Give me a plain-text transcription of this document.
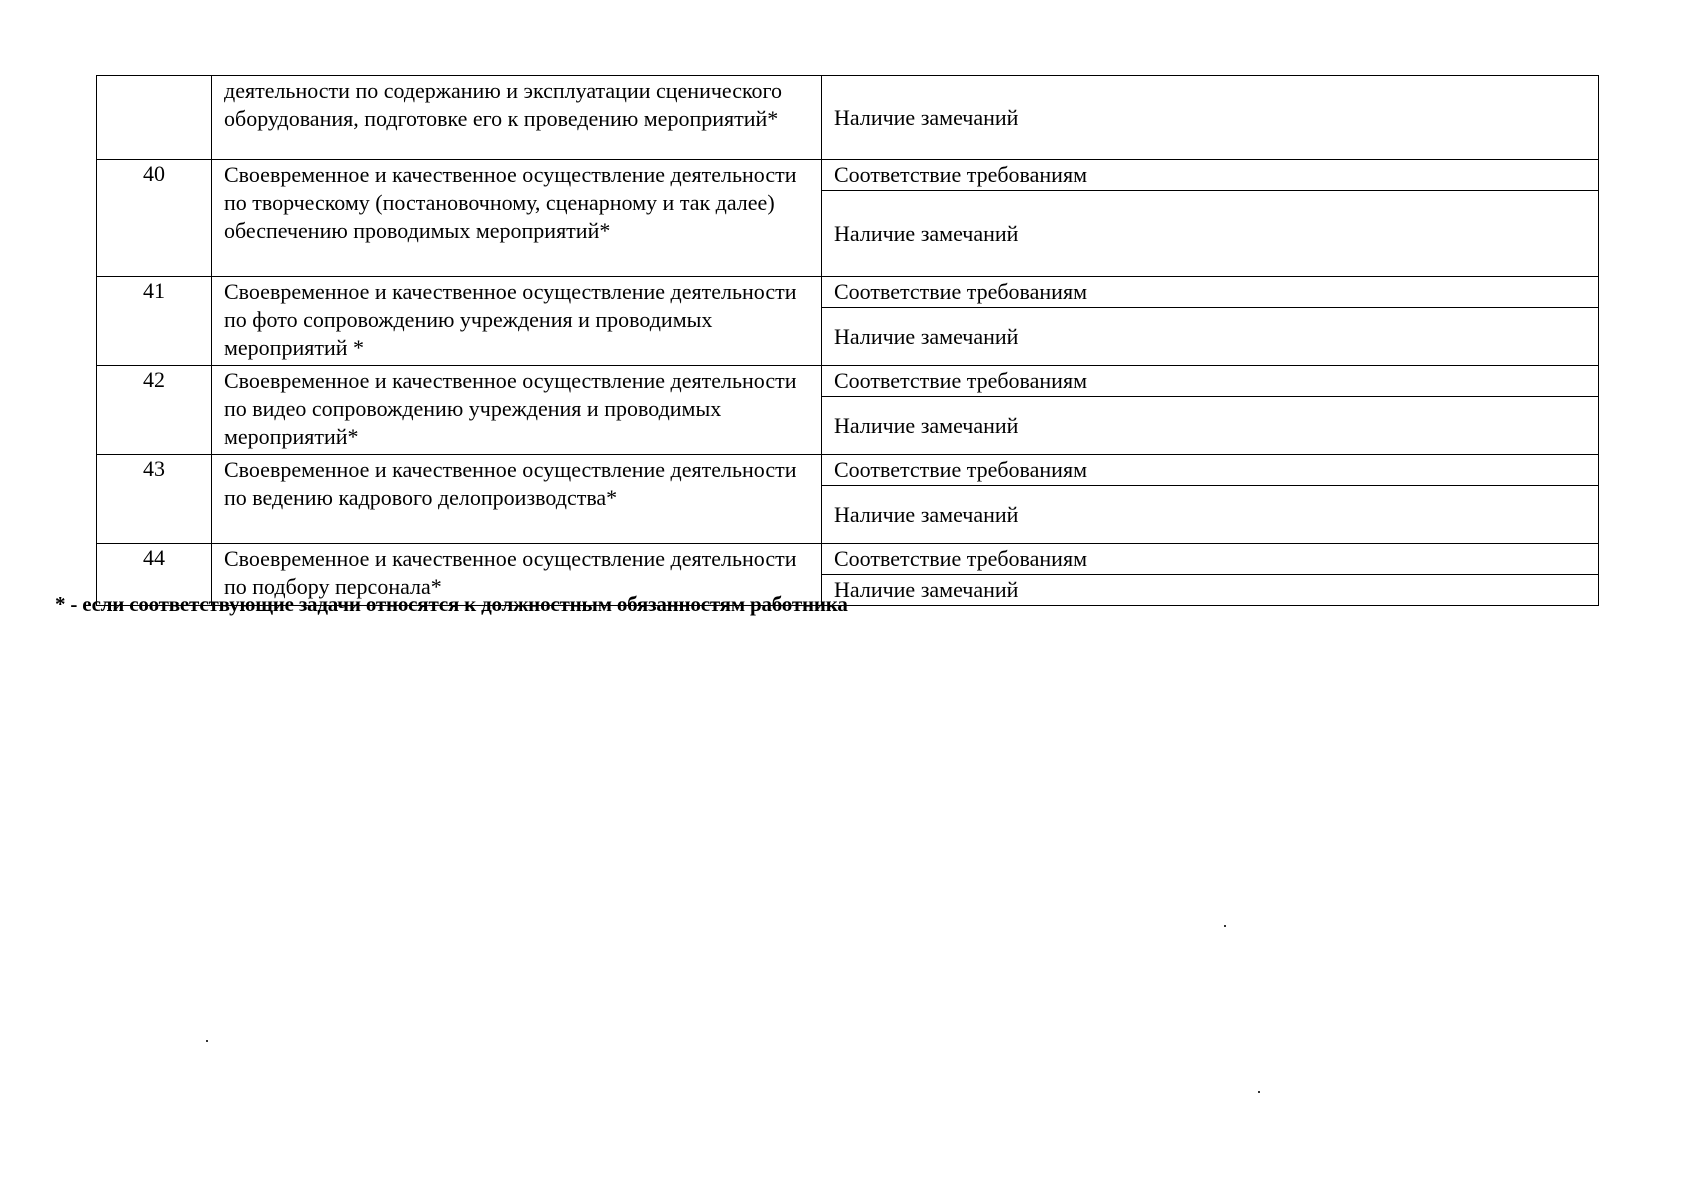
	деятельности по содержанию и эксплуатации сценического оборудования, подготовке его к проведению мероприятий*	Наличие замечаний
40	Своевременное и качественное осуществление деятельности по творческому (постановочному, сценарному и так далее) обеспечению проводимых мероприятий*	Соответствие требованиям
		Наличие замечаний
41	Своевременное и качественное осуществление деятельности по фото сопровождению учреждения и проводимых мероприятий *	Соответствие требованиям
		Наличие замечаний
42	Своевременное и качественное осуществление деятельности по видео сопровождению учреждения и проводимых мероприятий*	Соответствие требованиям
		Наличие замечаний
43	Своевременное и качественное осуществление деятельности по ведению кадрового делопроизводства*	Соответствие требованиям
		Наличие замечаний
44	Своевременное и качественное осуществление деятельности по подбору персонала*	Соответствие требованиям
		Наличие замечаний
* - если соответствующие задачи относятся к должностным обязанностям работника
